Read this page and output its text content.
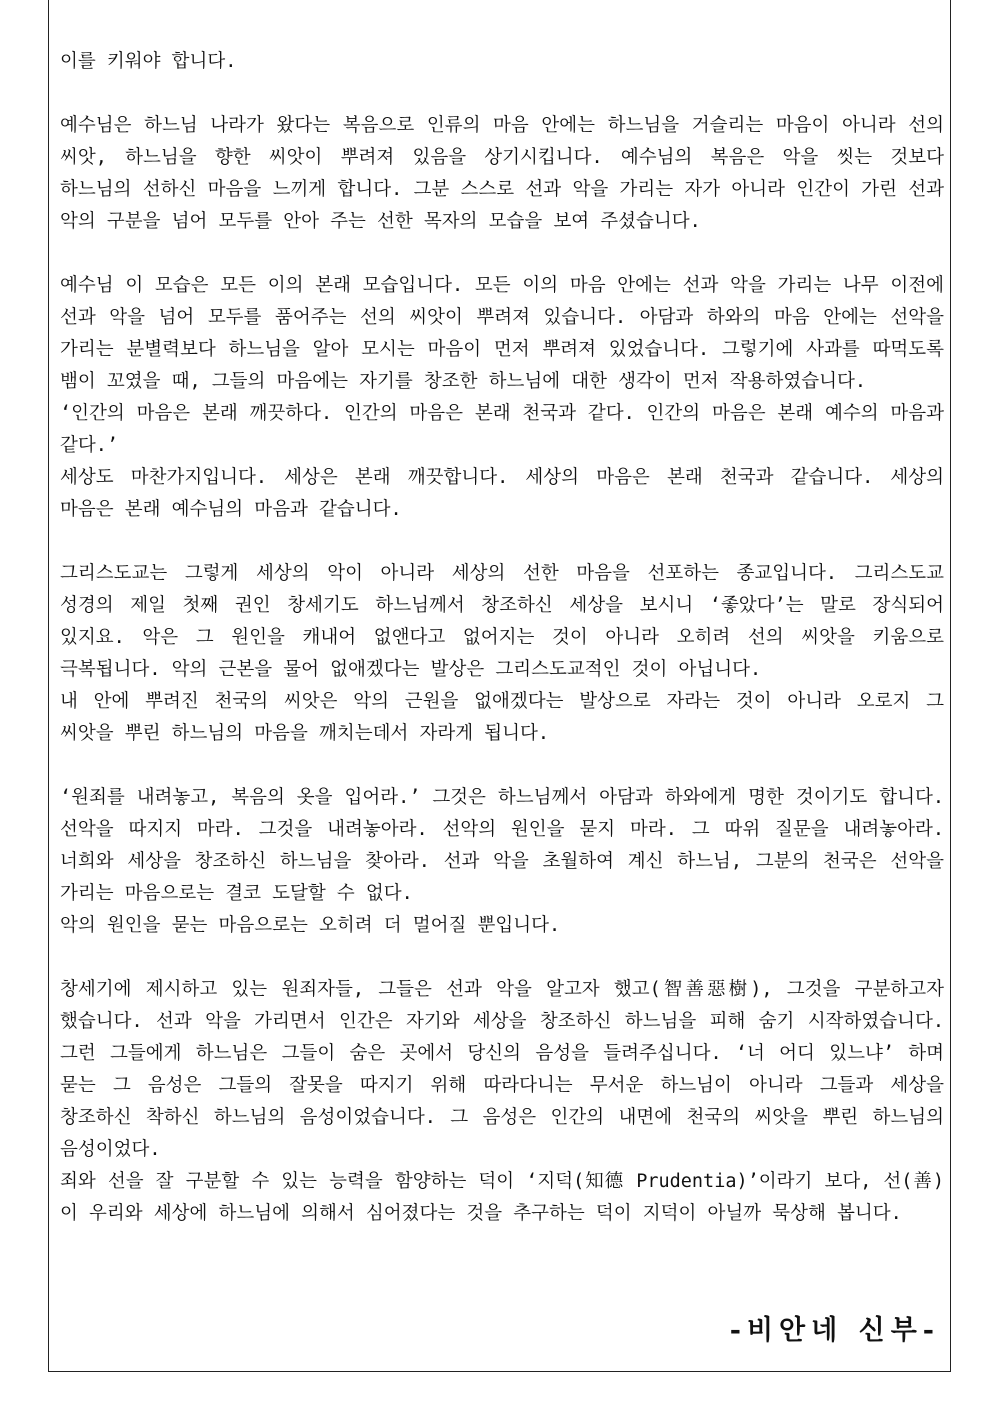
이를 키워야 합니다.

예수님은 하느님 나라가 왔다는 복음으로 인류의 마음 안에는 하느님을 거슬리는 마음이 아니라 선의 씨앗, 하느님을 향한 씨앗이 뿌려져 있음을 상기시킵니다. 예수님의 복음은 악을 씻는 것보다 하느님의 선하신 마음을 느끼게 합니다. 그분 스스로 선과 악을 가리는 자가 아니라 인간이 가린 선과 악의 구분을 넘어 모두를 안아 주는 선한 목자의 모습을 보여 주셨습니다.

예수님 이 모습은 모든 이의 본래 모습입니다. 모든 이의 마음 안에는 선과 악을 가리는 나무 이전에 선과 악을 넘어 모두를 품어주는 선의 씨앗이 뿌려져 있습니다. 아담과 하와의 마음 안에는 선악을 가리는 분별력보다 하느님을 알아 모시는 마음이 먼저 뿌려져 있었습니다. 그렇기에 사과를 따먹도록 뱀이 꼬였을 때, 그들의 마음에는 자기를 창조한 하느님에 대한 생각이 먼저 작용하였습니다.

‘인간의 마음은 본래 깨끗하다. 인간의 마음은 본래 천국과 같다. 인간의 마음은 본래 예수의 마음과 같다.’

세상도 마찬가지입니다. 세상은 본래 깨끗합니다. 세상의 마음은 본래 천국과 같습니다. 세상의 마음은 본래 예수님의 마음과 같습니다.

그리스도교는 그렇게 세상의 악이 아니라 세상의 선한 마음을 선포하는 종교입니다. 그리스도교 성경의 제일 첫째 권인 창세기도 하느님께서 창조하신 세상을 보시니 ‘좋았다’는 말로 장식되어 있지요. 악은 그 원인을 캐내어 없앤다고 없어지는 것이 아니라 오히려 선의 씨앗을 키움으로 극복됩니다. 악의 근본을 물어 없애겠다는 발상은 그리스도교적인 것이 아닙니다.

내 안에 뿌려진 천국의 씨앗은 악의 근원을 없애겠다는 발상으로 자라는 것이 아니라 오로지 그 씨앗을 뿌린 하느님의 마음을 깨치는데서 자라게 됩니다.

‘원죄를 내려놓고, 복음의 옷을 입어라.’ 그것은 하느님께서 아담과 하와에게 명한 것이기도 합니다. 선악을 따지지 마라. 그것을 내려놓아라. 선악의 원인을 묻지 마라. 그 따위 질문을 내려놓아라. 너희와 세상을 창조하신 하느님을 찾아라. 선과 악을 초월하여 계신 하느님, 그분의 천국은 선악을 가리는 마음으로는 결코 도달할 수 없다.

악의 원인을 묻는 마음으로는 오히려 더 멀어질 뿐입니다.

창세기에 제시하고 있는 원죄자들, 그들은 선과 악을 알고자 했고(智善惡樹), 그것을 구분하고자 했습니다. 선과 악을 가리면서 인간은 자기와 세상을 창조하신 하느님을 피해 숨기 시작하였습니다. 그런 그들에게 하느님은 그들이 숨은 곳에서 당신의 음성을 들려주십니다. ‘너 어디 있느냐’ 하며 묻는 그 음성은 그들의 잘못을 따지기 위해 따라다니는 무서운 하느님이 아니라 그들과 세상을 창조하신 착하신 하느님의 음성이었습니다. 그 음성은 인간의 내면에 천국의 씨앗을 뿌린 하느님의 음성이었다.

죄와 선을 잘 구분할 수 있는 능력을 함양하는 덕이 ‘지덕(知德 Prudentia)’이라기 보다, 선(善)이 우리와 세상에 하느님에 의해서 심어졌다는 것을 추구하는 덕이 지덕이 아닐까 묵상해 봅니다.

-비안네 신부-
